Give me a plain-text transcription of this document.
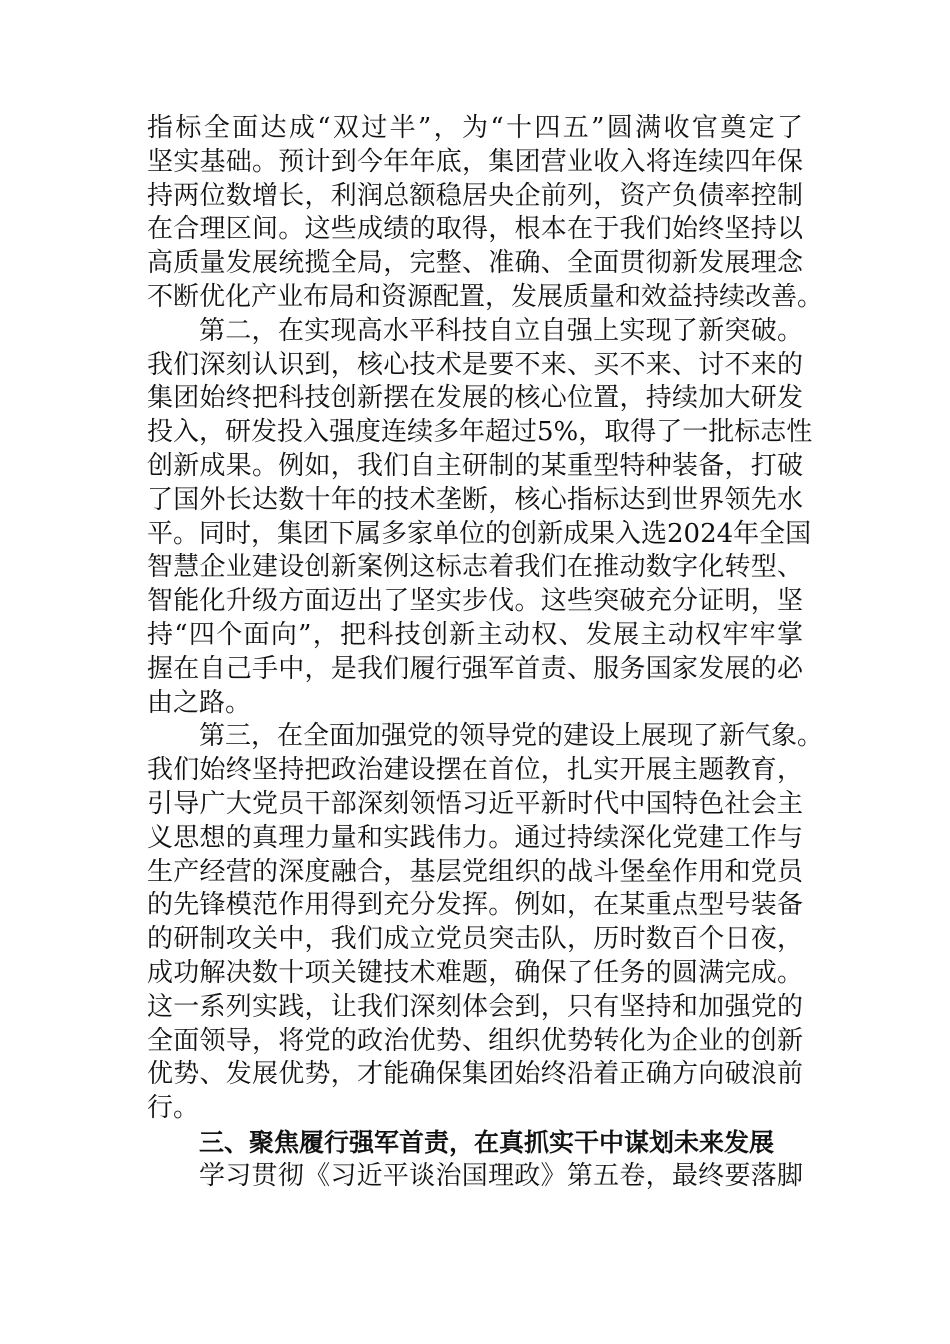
指标全面达成“双过半”，为“十四五”圆满收官奠定了
坚实基础。预计到今年年底，集团营业收入将连续四年保
持两位数增长，利润总额稳居央企前列，资产负债率控制
在合理区间。这些成绩的取得，根本在于我们始终坚持以
高质量发展统揽全局，完整、准确、全面贯彻新发展理念
不断优化产业布局和资源配置，发展质量和效益持续改善。
第二，在实现高水平科技自立自强上实现了新突破。
我们深刻认识到，核心技术是要不来、买不来、讨不来的
集团始终把科技创新摆在发展的核心位置，持续加大研发
投入，研发投入强度连续多年超过5%，取得了一批标志性
创新成果。例如，我们自主研制的某重型特种装备，打破
了国外长达数十年的技术垄断，核心指标达到世界领先水
平。同时，集团下属多家单位的创新成果入选2024年全国
智慧企业建设创新案例这标志着我们在推动数字化转型、
智能化升级方面迈出了坚实步伐。这些突破充分证明，坚
持“四个面向”，把科技创新主动权、发展主动权牢牢掌
握在自己手中，是我们履行强军首责、服务国家发展的必
由之路。
第三，在全面加强党的领导党的建设上展现了新气象。
我们始终坚持把政治建设摆在首位，扎实开展主题教育，
引导广大党员干部深刻领悟习近平新时代中国特色社会主
义思想的真理力量和实践伟力。通过持续深化党建工作与
生产经营的深度融合，基层党组织的战斗堡垒作用和党员
的先锋模范作用得到充分发挥。例如，在某重点型号装备
的研制攻关中，我们成立党员突击队，历时数百个日夜，
成功解决数十项关键技术难题，确保了任务的圆满完成。
这一系列实践，让我们深刻体会到，只有坚持和加强党的
全面领导，将党的政治优势、组织优势转化为企业的创新
优势、发展优势，才能确保集团始终沿着正确方向破浪前
行。
三、聚焦履行强军首责，在真抓实干中谋划未来发展
学习贯彻《习近平谈治国理政》第五卷，最终要落脚
